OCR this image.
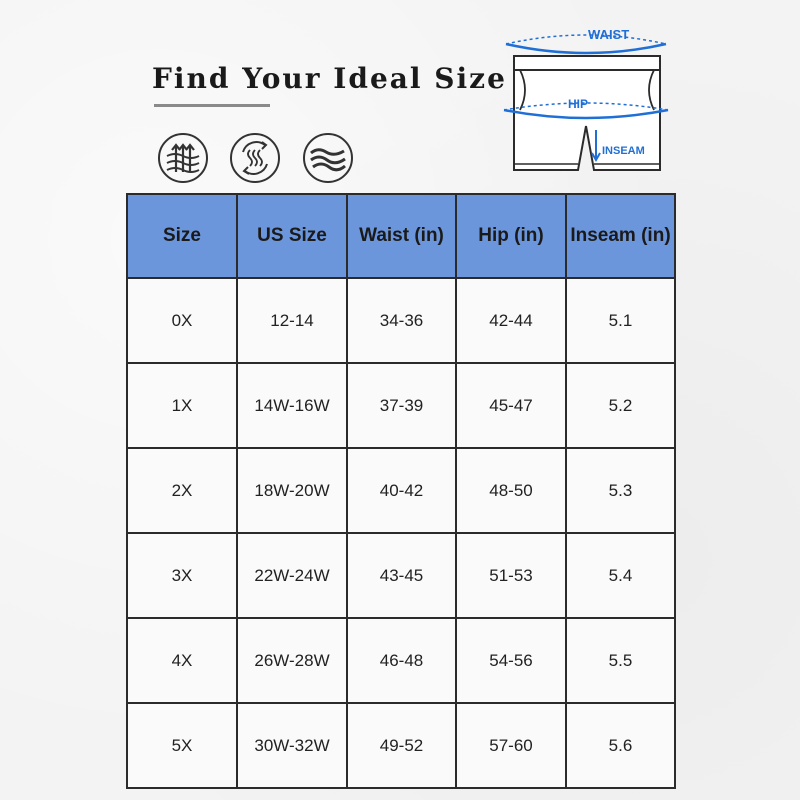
Find Your Ideal Size
WAIST
HIP
INSEAM
Size	US Size	Waist (in)	Hip (in)	Inseam (in)
0X	12-14	34-36	42-44	5.1
1X	14W-16W	37-39	45-47	5.2
2X	18W-20W	40-42	48-50	5.3
3X	22W-24W	43-45	51-53	5.4
4X	26W-28W	46-48	54-56	5.5
5X	30W-32W	49-52	57-60	5.6
